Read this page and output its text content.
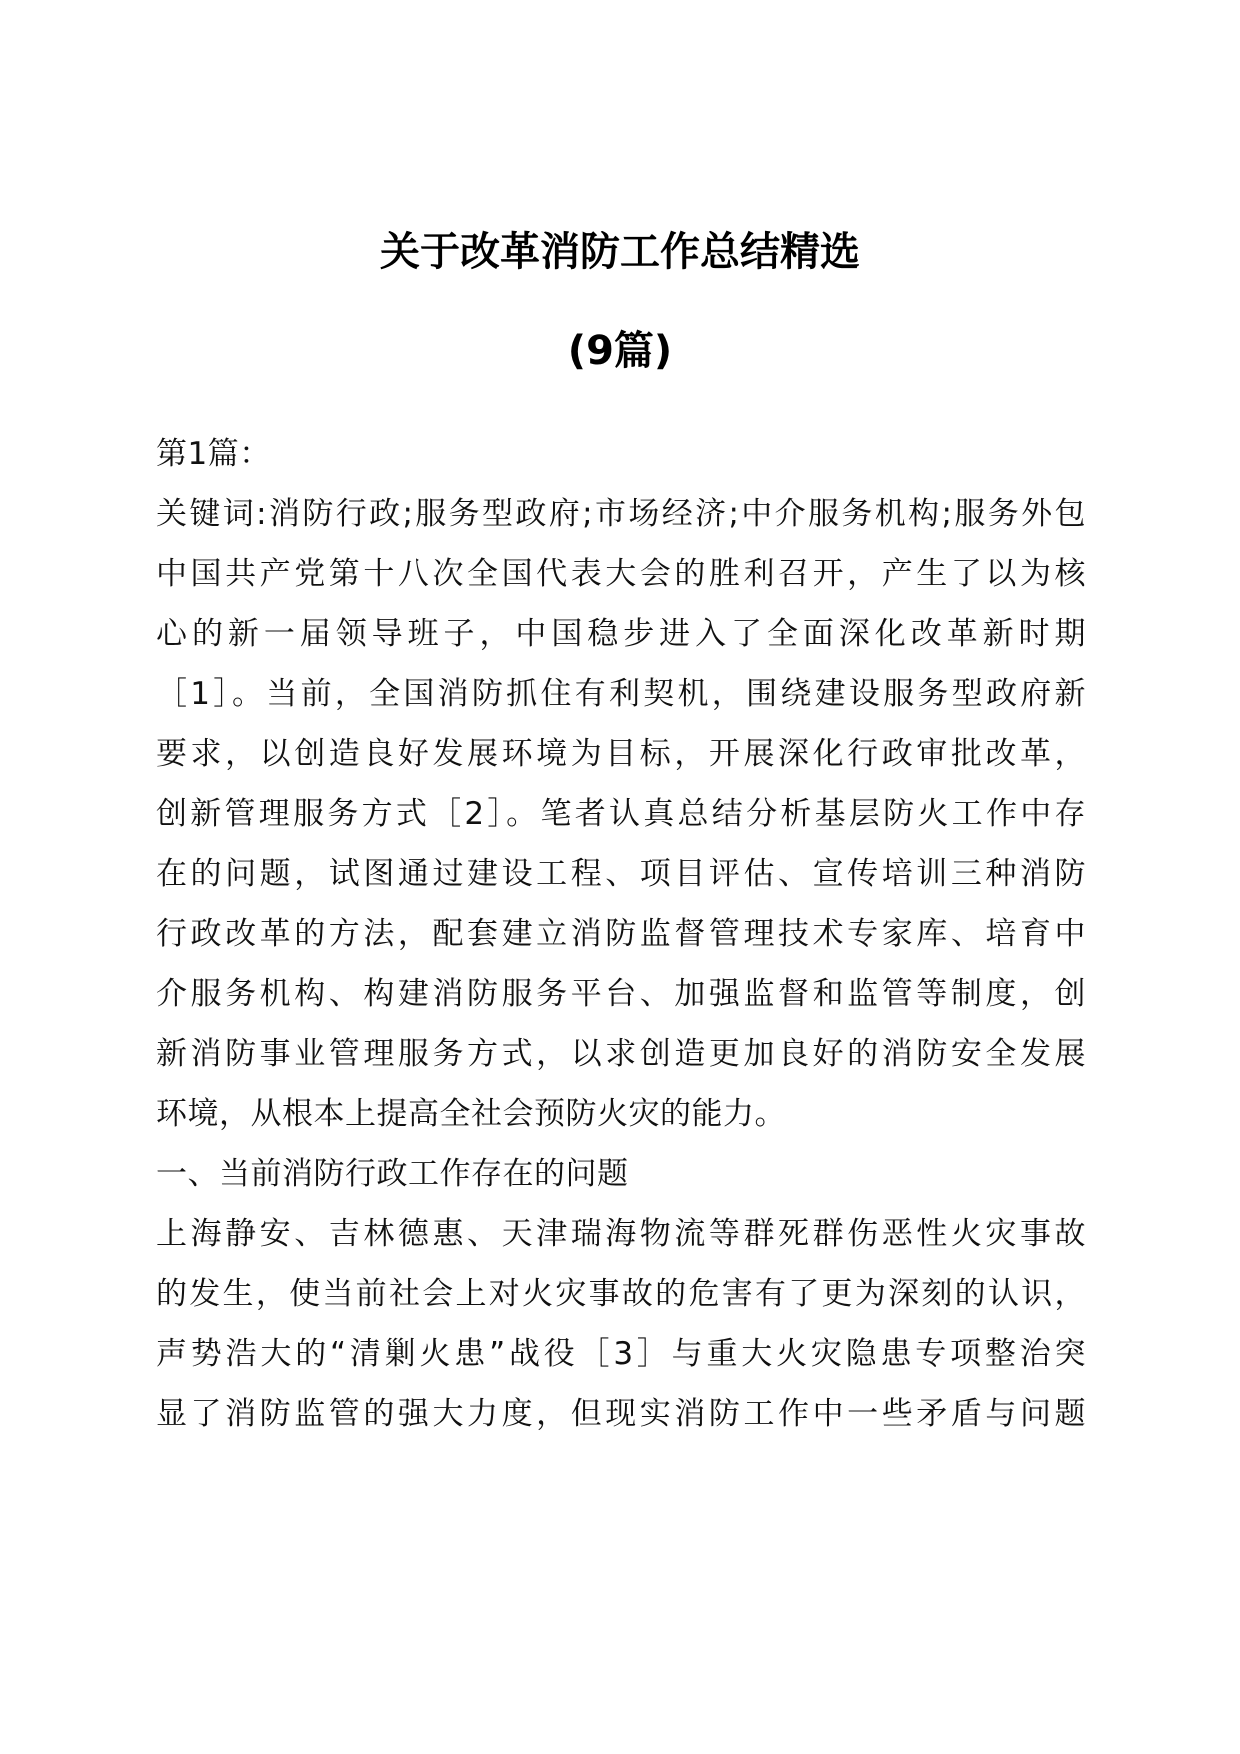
关于改革消防工作总结精选
(9篇)
第1篇：
关键词:消防行政;服务型政府;市场经济;中介服务机构;服务外包
中国共产党第十八次全国代表大会的胜利召开，产生了以为核
心的新一届领导班子，中国稳步进入了全面深化改革新时期
［1］。当前，全国消防抓住有利契机，围绕建设服务型政府新
要求，以创造良好发展环境为目标，开展深化行政审批改革，
创新管理服务方式［2］。笔者认真总结分析基层防火工作中存
在的问题，试图通过建设工程、项目评估、宣传培训三种消防
行政改革的方法，配套建立消防监督管理技术专家库、培育中
介服务机构、构建消防服务平台、加强监督和监管等制度，创
新消防事业管理服务方式，以求创造更加良好的消防安全发展
环境，从根本上提高全社会预防火灾的能力。
一、当前消防行政工作存在的问题
上海静安、吉林德惠、天津瑞海物流等群死群伤恶性火灾事故
的发生，使当前社会上对火灾事故的危害有了更为深刻的认识，
声势浩大的“清剿火患”战役［3］与重大火灾隐患专项整治突
显了消防监管的强大力度，但现实消防工作中一些矛盾与问题
